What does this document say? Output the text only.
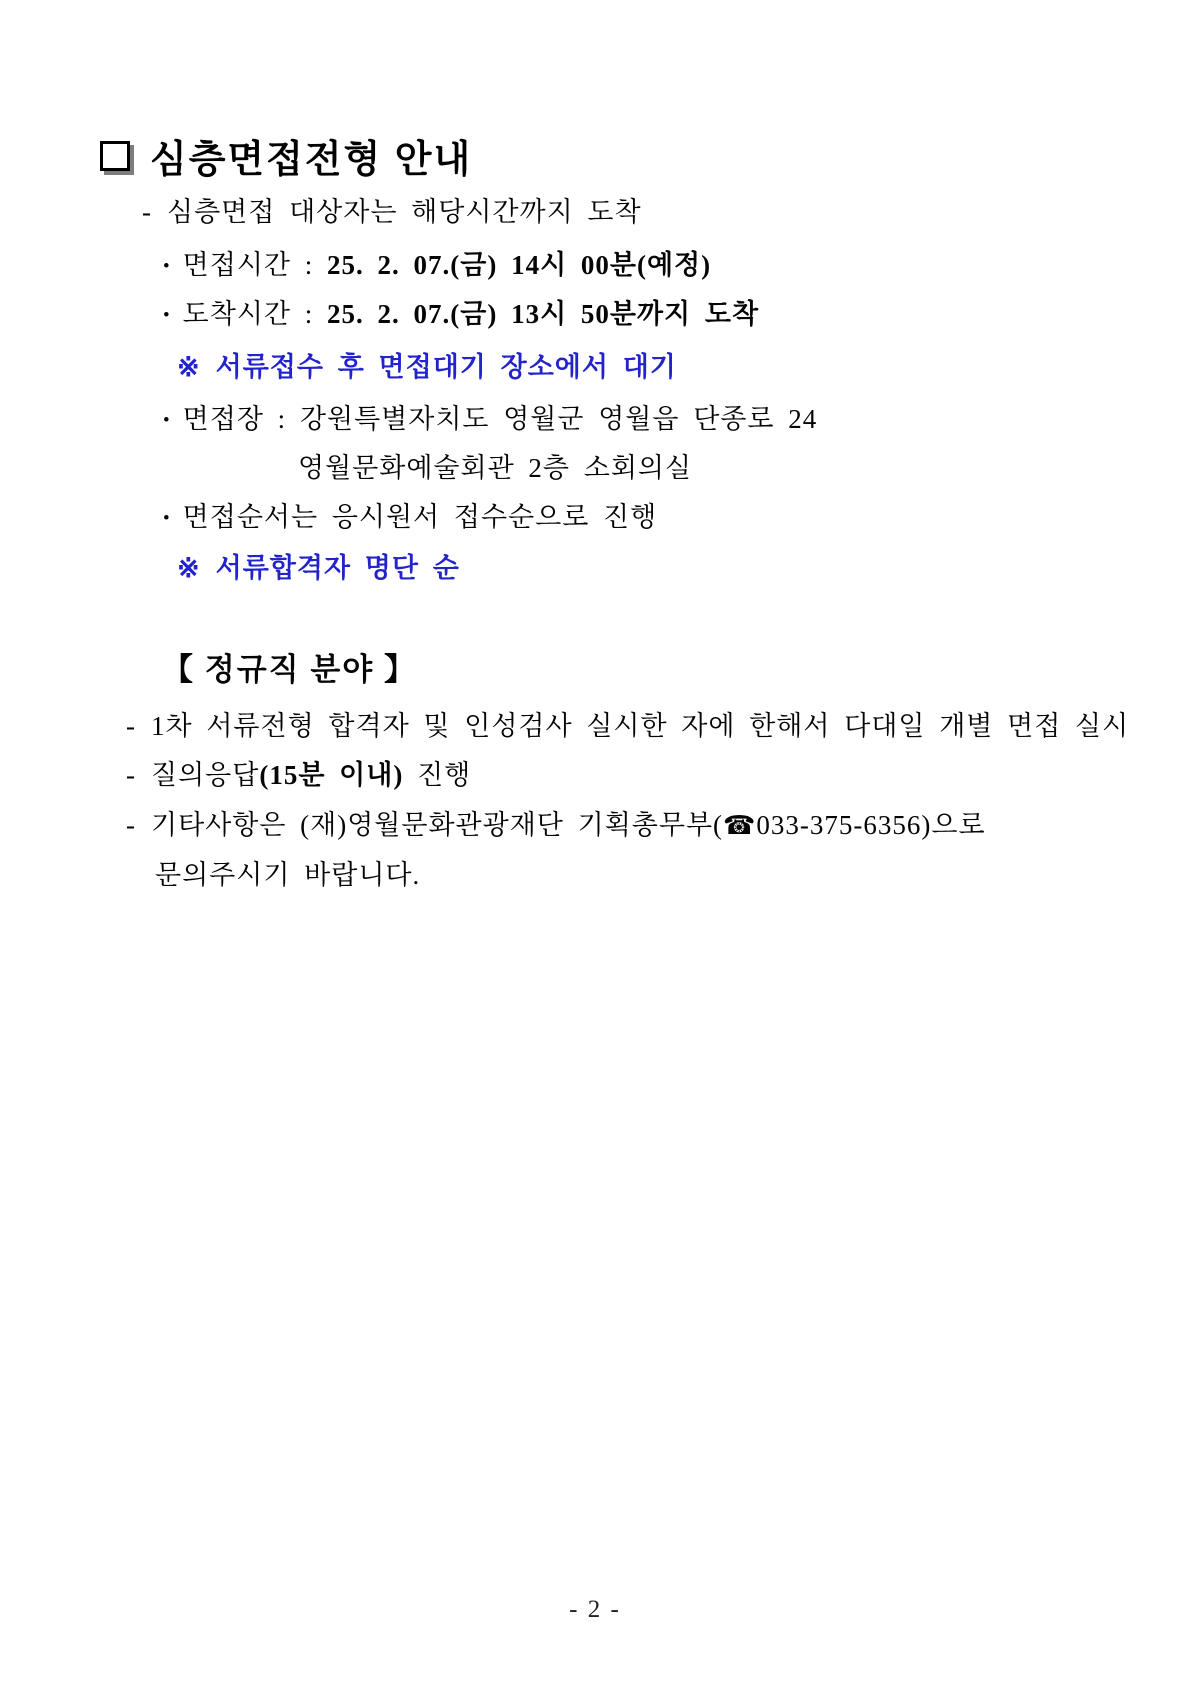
심층면접전형 안내
- 심층면접 대상자는 해당시간까지 도착
• 면접시간 : 25. 2. 07.(금) 14시 00분(예정)
• 도착시간 : 25. 2. 07.(금) 13시 50분까지 도착
※ 서류접수 후 면접대기 장소에서 대기
• 면접장 : 강원특별자치도 영월군 영월읍 단종로 24
영월문화예술회관 2층 소회의실
• 면접순서는 응시원서 접수순으로 진행
※ 서류합격자 명단 순
【 정규직 분야 】
- 1차 서류전형 합격자 및 인성검사 실시한 자에 한해서 다대일 개별 면접 실시
- 질의응답(15분 이내) 진행
- 기타사항은 (재)영월문화관광재단 기획총무부(☎033-375-6356)으로
문의주시기 바랍니다.
- 2 -
